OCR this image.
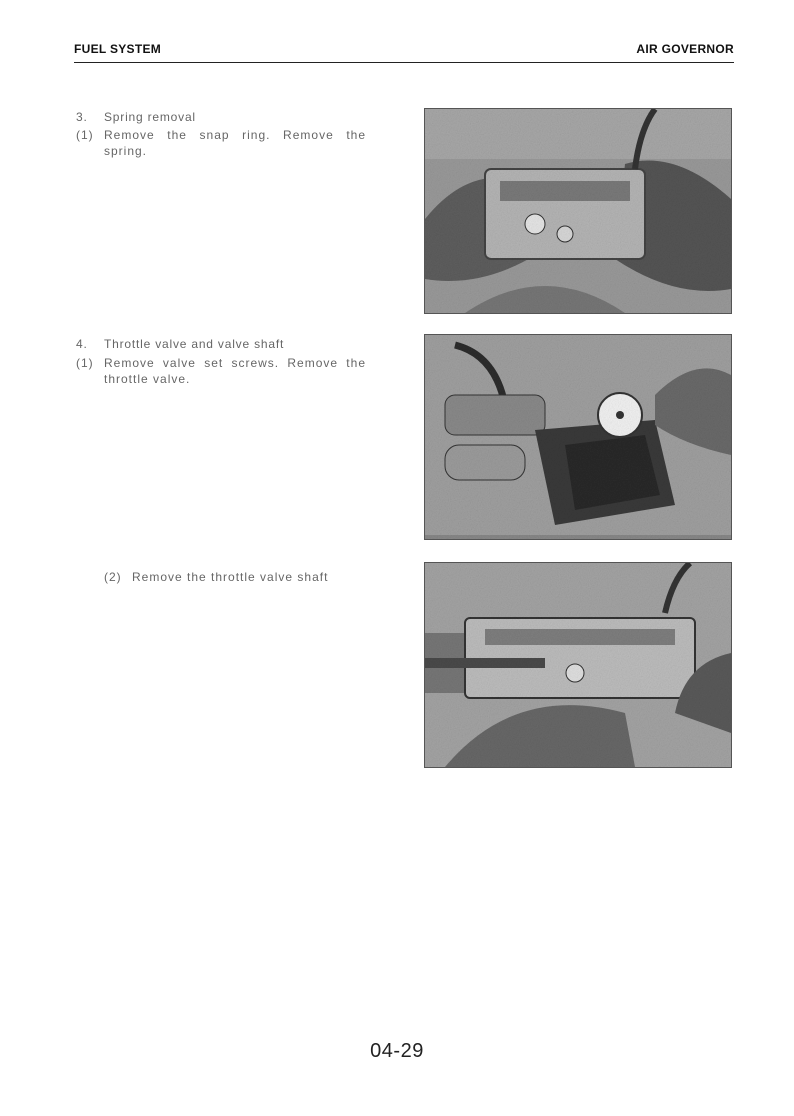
FUEL SYSTEM	AIR GOVERNOR
3. Spring removal
(1) Remove the snap ring. Remove the spring.
4. Throttle valve and valve shaft
(1) Remove valve set screws. Remove the throttle valve.
(2) Remove the throttle valve shaft
04-29
